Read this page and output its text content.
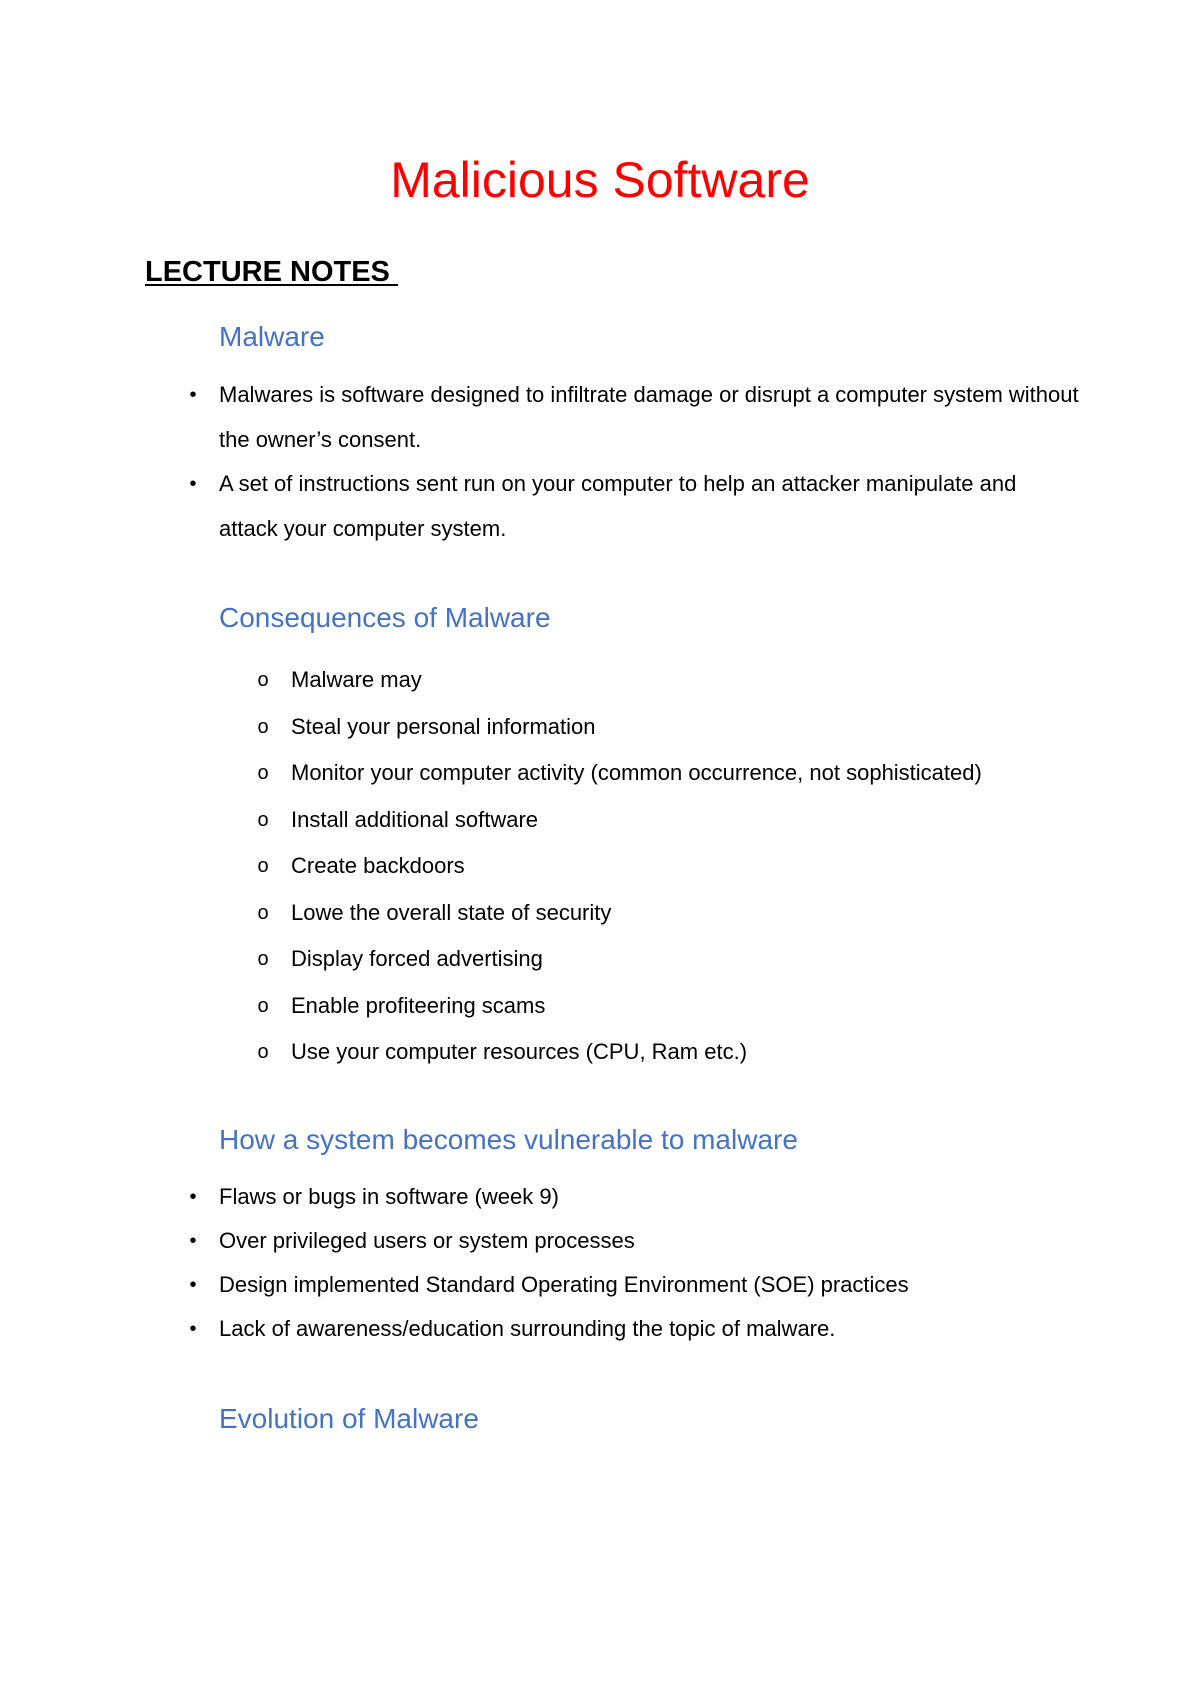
Malicious Software

LECTURE NOTES

Malware
• Malwares is software designed to infiltrate damage or disrupt a computer system without the owner’s consent.
• A set of instructions sent run on your computer to help an attacker manipulate and attack your computer system.
Consequences of Malware
o Malware may
o Steal your personal information
o Monitor your computer activity (common occurrence, not sophisticated)
o Install additional software
o Create backdoors
o Lowe the overall state of security
o Display forced advertising
o Enable profiteering scams
o Use your computer resources (CPU, Ram etc.)
How a system becomes vulnerable to malware
• Flaws or bugs in software (week 9)
• Over privileged users or system processes
• Design implemented Standard Operating Environment (SOE) practices
• Lack of awareness/education surrounding the topic of malware.
Evolution of Malware
